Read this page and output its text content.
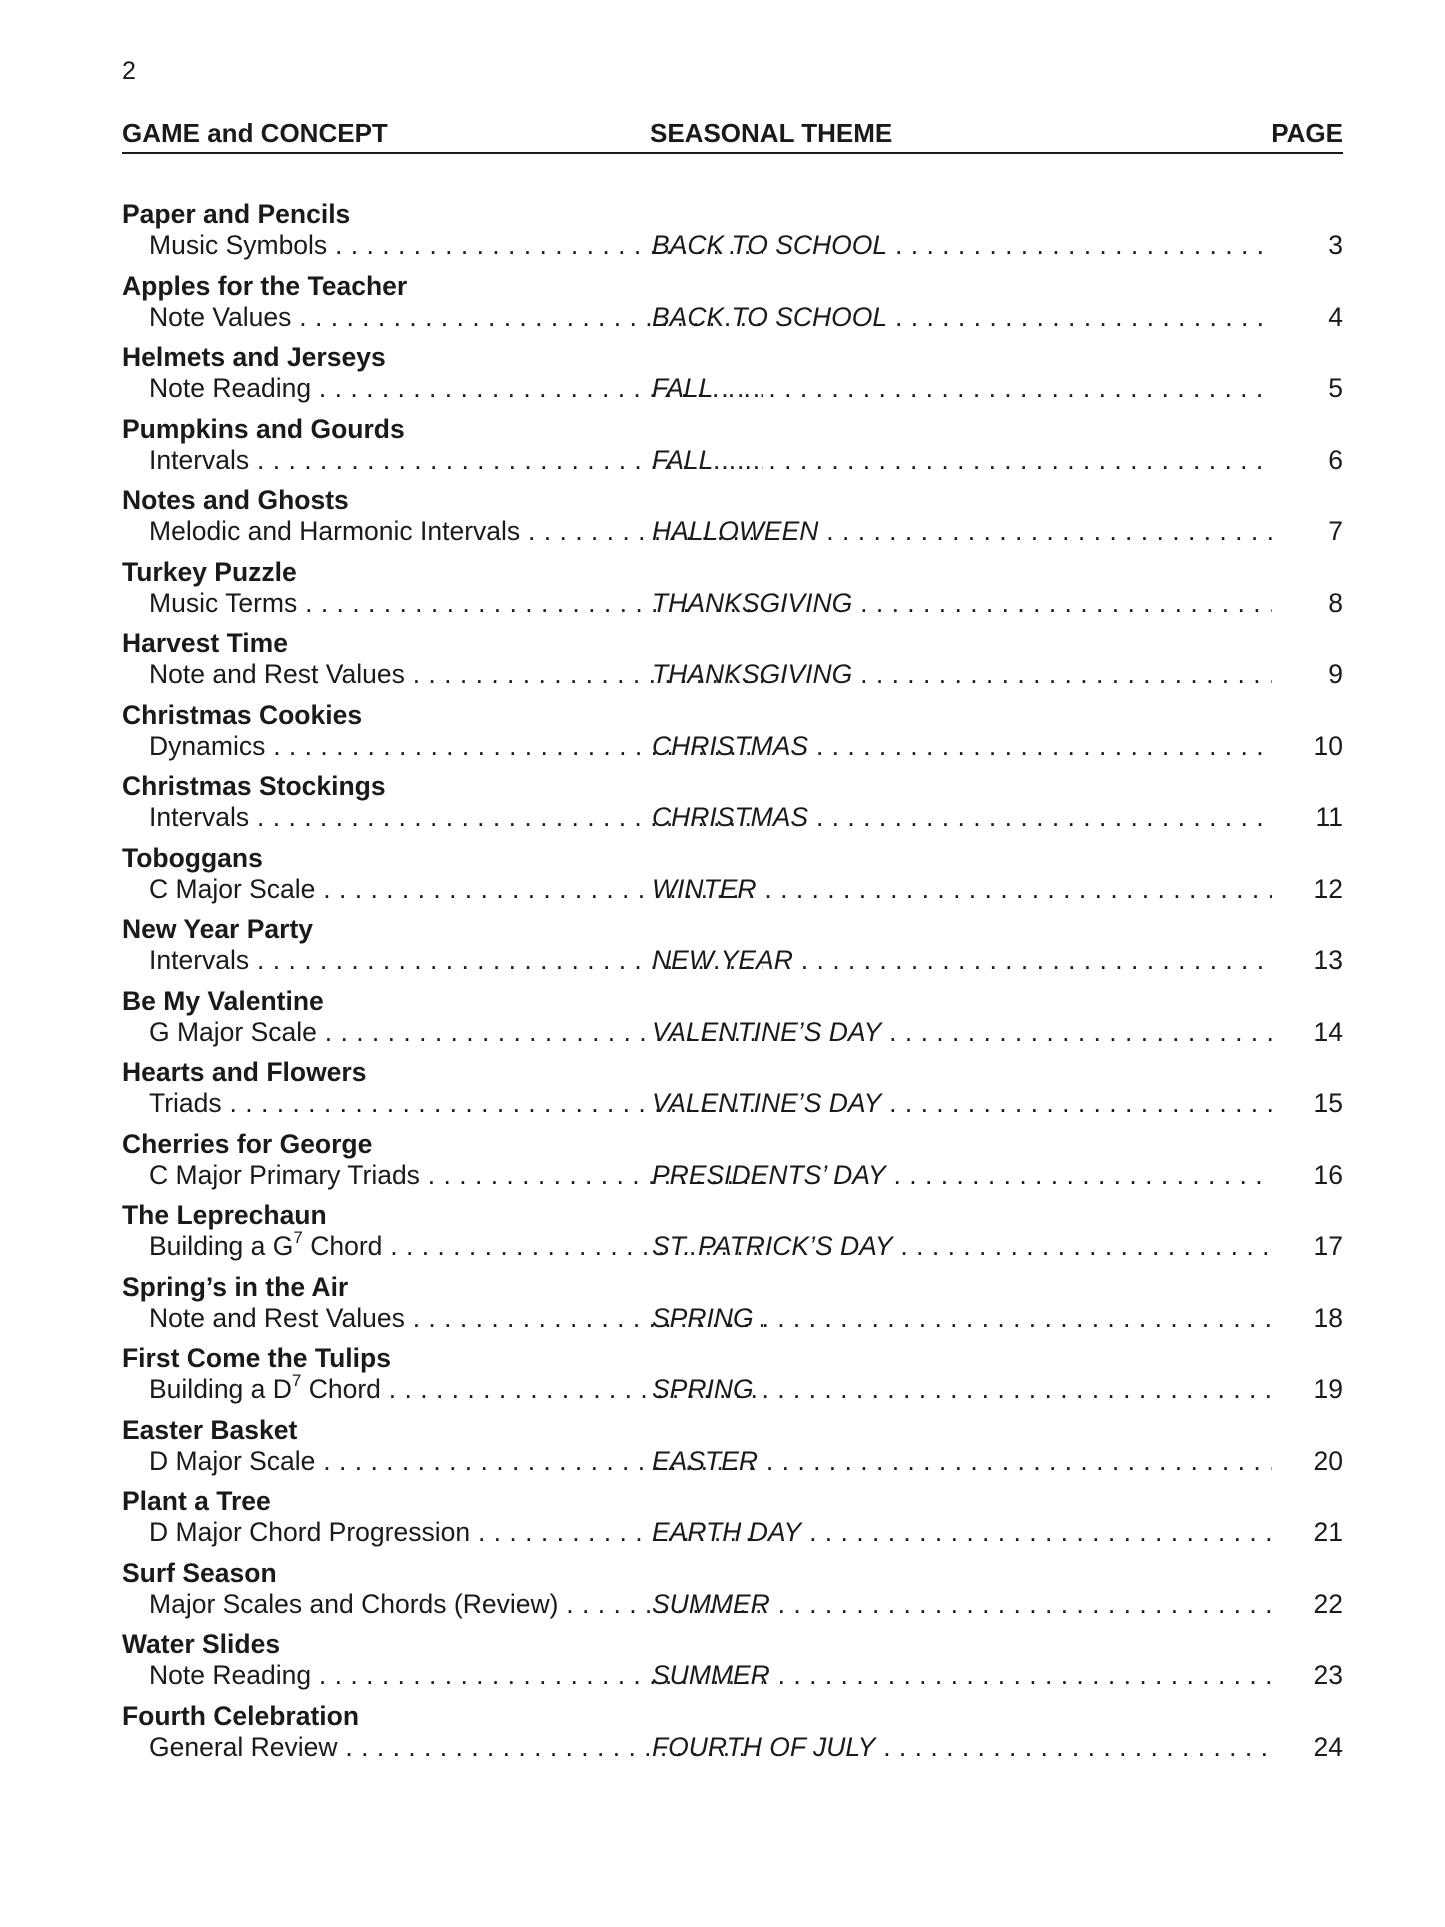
2
GAME and CONCEPT	SEASONAL THEME	PAGE
Paper and Pencils
Music Symbols . . .	BACK TO SCHOOL . . .	3
Apples for the Teacher
Note Values . . .	BACK TO SCHOOL . . .	4
Helmets and Jerseys
Note Reading . . .	FALL . . .	5
Pumpkins and Gourds
Intervals . . .	FALL . . .	6
Notes and Ghosts
Melodic and Harmonic Intervals . . .	HALLOWEEN . . .	7
Turkey Puzzle
Music Terms . . .	THANKSGIVING . . .	8
Harvest Time
Note and Rest Values . . .	THANKSGIVING . . .	9
Christmas Cookies
Dynamics . . .	CHRISTMAS . . .	10
Christmas Stockings
Intervals . . .	CHRISTMAS . . .	11
Toboggans
C Major Scale . . .	WINTER . . .	12
New Year Party
Intervals . . .	NEW YEAR . . .	13
Be My Valentine
G Major Scale . . .	VALENTINE’S DAY . . .	14
Hearts and Flowers
Triads . . .	VALENTINE’S DAY . . .	15
Cherries for George
C Major Primary Triads . . .	PRESIDENTS’ DAY . . .	16
The Leprechaun
Building a $G^7$ Chord . . .	ST. PATRICK’S DAY . . .	17
Spring’s in the Air
Note and Rest Values . . .	SPRING . . .	18
First Come the Tulips
Building a $D^7$ Chord . . .	SPRING . . .	19
Easter Basket
D Major Scale . . .	EASTER . . .	20
Plant a Tree
D Major Chord Progression . . .	EARTH DAY . . .	21
Surf Season
Major Scales and Chords (Review) . . .	SUMMER . . .	22
Water Slides
Note Reading . . .	SUMMER . . .	23
Fourth Celebration
General Review . . .	FOURTH OF JULY . . .	24
